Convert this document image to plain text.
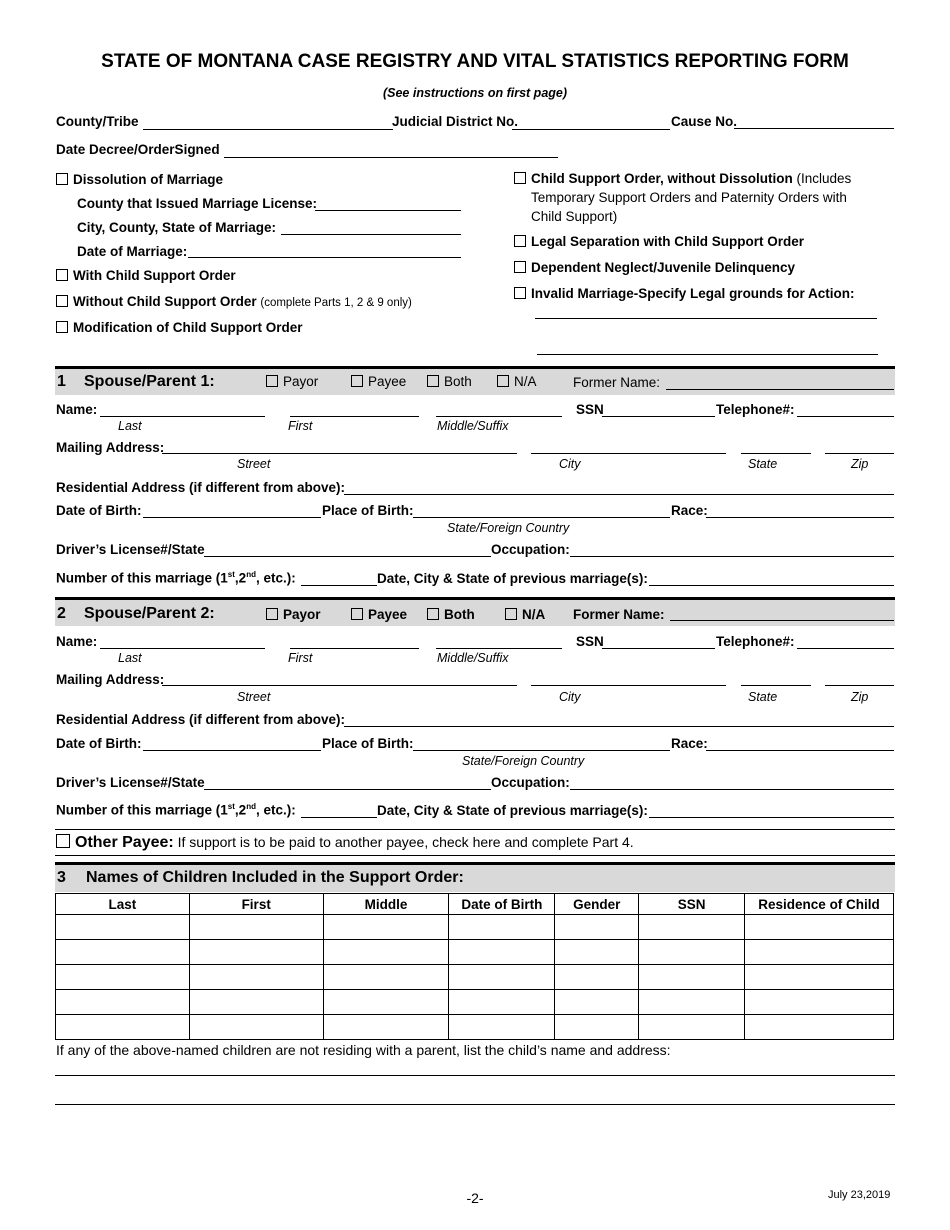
STATE OF MONTANA CASE REGISTRY AND VITAL STATISTICS REPORTING FORM
(See instructions on first page)
County/Tribe	Judicial District No.	Cause No.
Date Decree/OrderSigned
Dissolution of Marriage
County that Issued Marriage License:
City, County, State of Marriage:
Date of Marriage:
With Child Support Order
Without Child Support Order (complete Parts 1, 2 & 9 only)
Modification of Child Support Order
Child Support Order, without Dissolution (Includes
Temporary Support Orders and Paternity Orders with
Child Support)
Legal Separation with Child Support Order
Dependent Neglect/Juvenile Delinquency
Invalid Marriage-Specify Legal grounds for Action:
1 Spouse/Parent 1:	Payor	Payee	Both	N/A	Former Name:
Name:	SSN	Telephone#:
Last	First	Middle/Suffix
Mailing Address:
Street	City	State	Zip
Residential Address (if different from above):
Date of Birth:	Place of Birth:	Race:
State/Foreign Country
Driver’s License#/State	Occupation:
Number of this marriage (1st,2nd, etc.):	Date, City & State of previous marriage(s):
2 Spouse/Parent 2:	Payor	Payee	Both	N/A Former Name:
Name:	SSN	Telephone#:
Last	First	Middle/Suffix
Mailing Address:
Street	City	State	Zip
Residential Address (if different from above):
Date of Birth:	Place of Birth:	Race:
State/Foreign Country
Driver’s License#/State	Occupation:
Number of this marriage (1st,2nd, etc.):	Date, City & State of previous marriage(s):
Other Payee: If support is to be paid to another payee, check here and complete Part 4.
3 Names of Children Included in the Support Order:
Last	First	Middle	Date of Birth	Gender	SSN	Residence of Child

If any of the above-named children are not residing with a parent, list the child’s name and address:
-2-	July 23,2019
